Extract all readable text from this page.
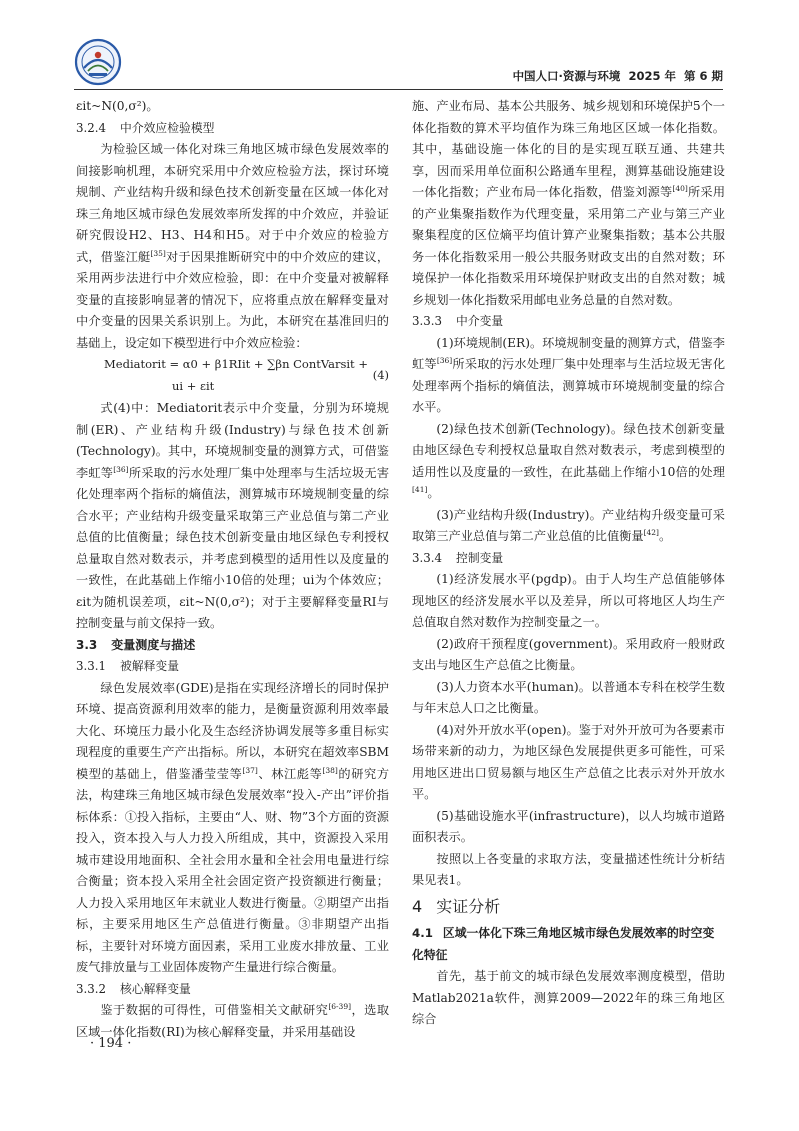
中国人口·资源与环境 2025 年 第 6 期

εit~N(0,σ²)。

3.2.4 中介效应检验模型

为检验区域一体化对珠三角地区城市绿色发展效率的间接影响机理，本研究采用中介效应检验方法，探讨环境规制、产业结构升级和绿色技术创新变量在区域一体化对珠三角地区城市绿色发展效率所发挥的中介效应，并验证研究假设H2、H3、H4和H5。对于中介效应的检验方式，借鉴江艇[35]对于因果推断研究中的中介效应的建议，采用两步法进行中介效应检验，即：在中介变量对被解释变量的直接影响显著的情况下，应将重点放在解释变量对中介变量的因果关系识别上。为此，本研究在基准回归的基础上，设定如下模型进行中介效应检验：

Mediatorit = α0 + β1RIit + ∑βn ContVarsit +
ui + εit
(4)

式(4)中：Mediatorit表示中介变量，分别为环境规制(ER)、产业结构升级(Industry)与绿色技术创新(Technology)。其中，环境规制变量的测算方式，可借鉴李虹等[36]所采取的污水处理厂集中处理率与生活垃圾无害化处理率两个指标的熵值法，测算城市环境规制变量的综合水平；产业结构升级变量采取第三产业总值与第二产业总值的比值衡量；绿色技术创新变量由地区绿色专利授权总量取自然对数表示，并考虑到模型的适用性以及度量的一致性，在此基础上作缩小10倍的处理；ui为个体效应；εit为随机误差项，εit~N(0,σ²)；对于主要解释变量RI与控制变量与前文保持一致。

3.3 变量测度与描述
3.3.1 被解释变量

绿色发展效率(GDE)是指在实现经济增长的同时保护环境、提高资源利用效率的能力，是衡量资源利用效率最大化、环境压力最小化及生态经济协调发展等多重目标实现程度的重要生产产出指标。所以，本研究在超效率SBM模型的基础上，借鉴潘莹莹等[37]、林江彪等[38]的研究方法，构建珠三角地区城市绿色发展效率“投入-产出”评价指标体系：①投入指标，主要由“人、财、物”3个方面的资源投入，资本投入与人力投入所组成，其中，资源投入采用城市建设用地面积、全社会用水量和全社会用电量进行综合衡量；资本投入采用全社会固定资产投资额进行衡量；人力投入采用地区年末就业人数进行衡量。②期望产出指标，主要采用地区生产总值进行衡量。③非期望产出指标，主要针对环境方面因素，采用工业废水排放量、工业废气排放量与工业固体废物产生量进行综合衡量。

3.3.2 核心解释变量

鉴于数据的可得性，可借鉴相关文献研究[6-39]，选取区域一体化指数(RI)为核心解释变量，并采用基础设

施、产业布局、基本公共服务、城乡规划和环境保护5个一体化指数的算术平均值作为珠三角地区区域一体化指数。其中，基础设施一体化的目的是实现互联互通、共建共享，因而采用单位面积公路通车里程，测算基础设施建设一体化指数；产业布局一体化指数，借鉴刘源等[40]所采用的产业集聚指数作为代理变量，采用第二产业与第三产业聚集程度的区位熵平均值计算产业聚集指数；基本公共服务一体化指数采用一般公共服务财政支出的自然对数；环境保护一体化指数采用环境保护财政支出的自然对数；城乡规划一体化指数采用邮电业务总量的自然对数。

3.3.3 中介变量

(1)环境规制(ER)。环境规制变量的测算方式，借鉴李虹等[36]所采取的污水处理厂集中处理率与生活垃圾无害化处理率两个指标的熵值法，测算城市环境规制变量的综合水平。

(2)绿色技术创新(Technology)。绿色技术创新变量由地区绿色专利授权总量取自然对数表示，考虑到模型的适用性以及度量的一致性，在此基础上作缩小10倍的处理[41]。

(3)产业结构升级(Industry)。产业结构升级变量可采取第三产业总值与第二产业总值的比值衡量[42]。

3.3.4 控制变量

(1)经济发展水平(pgdp)。由于人均生产总值能够体现地区的经济发展水平以及差异，所以可将地区人均生产总值取自然对数作为控制变量之一。

(2)政府干预程度(government)。采用政府一般财政支出与地区生产总值之比衡量。

(3)人力资本水平(human)。以普通本专科在校学生数与年末总人口之比衡量。

(4)对外开放水平(open)。鉴于对外开放可为各要素市场带来新的动力，为地区绿色发展提供更多可能性，可采用地区进出口贸易额与地区生产总值之比表示对外开放水平。

(5)基础设施水平(infrastructure)，以人均城市道路面积表示。

按照以上各变量的求取方法，变量描述性统计分析结果见表1。

4 实证分析
4.1 区域一体化下珠三角地区城市绿色发展效率的时空变化特征

首先，基于前文的城市绿色发展效率测度模型，借助Matlab2021a软件，测算2009—2022年的珠三角地区综合

· 194 ·
